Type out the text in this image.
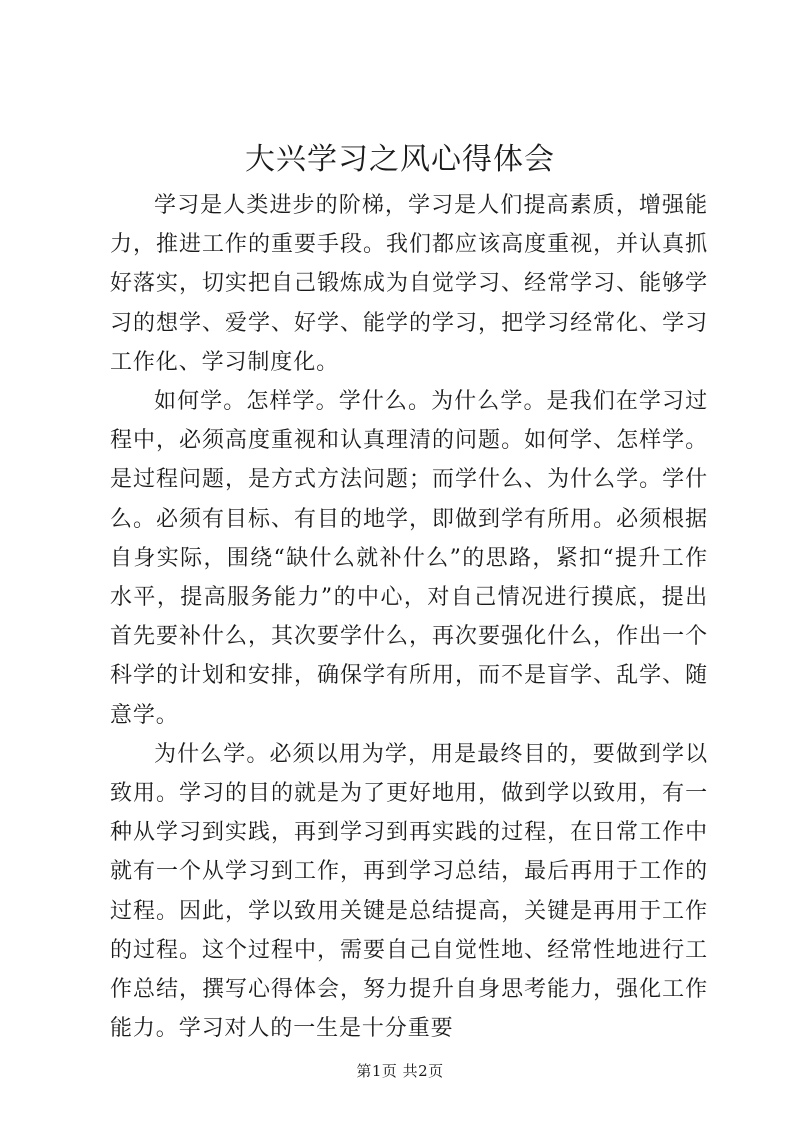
大兴学习之风心得体会

学习是人类进步的阶梯，学习是人们提高素质，增强能力，推进工作的重要手段。我们都应该高度重视，并认真抓好落实，切实把自己锻炼成为自觉学习、经常学习、能够学习的想学、爱学、好学、能学的学习，把学习经常化、学习工作化、学习制度化。

如何学。怎样学。学什么。为什么学。是我们在学习过程中，必须高度重视和认真理清的问题。如何学、怎样学。是过程问题，是方式方法问题；而学什么、为什么学。学什么。必须有目标、有目的地学，即做到学有所用。必须根据自身实际，围绕“缺什么就补什么”的思路，紧扣“提升工作水平，提高服务能力”的中心，对自己情况进行摸底，提出首先要补什么，其次要学什么，再次要强化什么，作出一个科学的计划和安排，确保学有所用，而不是盲学、乱学、随意学。

为什么学。必须以用为学，用是最终目的，要做到学以致用。学习的目的就是为了更好地用，做到学以致用，有一种从学习到实践，再到学习到再实践的过程，在日常工作中就有一个从学习到工作，再到学习总结，最后再用于工作的过程。因此，学以致用关键是总结提高，关键是再用于工作的过程。这个过程中，需要自己自觉性地、经常性地进行工作总结，撰写心得体会，努力提升自身思考能力，强化工作能力。学习对人的一生是十分重要

第1页 共2页
